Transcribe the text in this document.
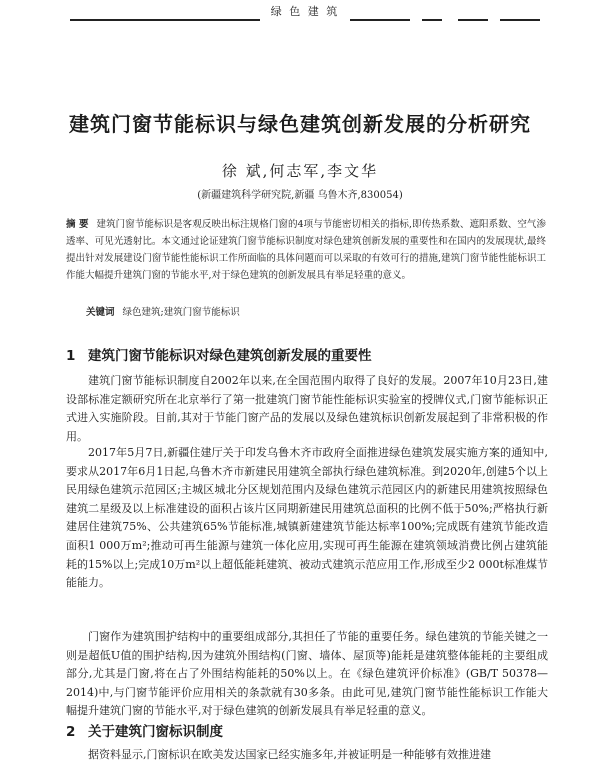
绿 色 建 筑
建筑门窗节能标识与绿色建筑创新发展的分析研究
徐 斌,何志军,李文华
(新疆建筑科学研究院,新疆 乌鲁木齐,830054)
摘 要 建筑门窗节能标识是客观反映出标注规格门窗的4项与节能密切相关的指标,即传热系数、遮阳系数、空气渗透率、可见光透射比。本文通过论证建筑门窗节能标识制度对绿色建筑创新发展的重要性和在国内的发展现状,最终提出针对发展建设门窗节能性能标识工作所面临的具体问题而可以采取的有效可行的措施,建筑门窗节能性能标识工作能大幅提升建筑门窗的节能水平,对于绿色建筑的创新发展具有举足轻重的意义。
关键词 绿色建筑;建筑门窗节能标识
1 建筑门窗节能标识对绿色建筑创新发展的重要性
建筑门窗节能标识制度自2002年以来,在全国范围内取得了良好的发展。2007年10月23日,建设部标准定额研究所在北京举行了第一批建筑门窗节能性能标识实验室的授牌仪式,门窗节能标识正式进入实施阶段。目前,其对于节能门窗产品的发展以及绿色建筑标识创新发展起到了非常积极的作用。
2017年5月7日,新疆住建厅关于印发乌鲁木齐市政府全面推进绿色建筑发展实施方案的通知中,要求从2017年6月1日起,乌鲁木齐市新建民用建筑全部执行绿色建筑标准。到2020年,创建5个以上民用绿色建筑示范园区;主城区城北分区规划范围内及绿色建筑示范园区内的新建民用建筑按照绿色建筑二星级及以上标准建设的面积占该片区同期新建民用建筑总面积的比例不低于50%;严格执行新建居住建筑75%、公共建筑65%节能标准,城镇新建建筑节能达标率100%;完成既有建筑节能改造面积1 000万m²;推动可再生能源与建筑一体化应用,实现可再生能源在建筑领域消费比例占建筑能耗的15%以上;完成10万m²以上超低能耗建筑、被动式建筑示范应用工作,形成至少2 000t标准煤节能能力。
门窗作为建筑围护结构中的重要组成部分,其担任了节能的重要任务。绿色建筑的节能关键之一则是超低U值的围护结构,因为建筑外围结构(门窗、墙体、屋顶等)能耗是建筑整体能耗的主要组成部分,尤其是门窗,将在占了外围结构能耗的50%以上。在《绿色建筑评价标准》(GB/T 50378—2014)中,与门窗节能评价应用相关的条款就有30多条。由此可见,建筑门窗节能性能标识工作能大幅提升建筑门窗的节能水平,对于绿色建筑的创新发展具有举足轻重的意义。
2 关于建筑门窗标识制度
据资料显示,门窗标识在欧美发达国家已经实施多年,并被证明是一种能够有效推进建
